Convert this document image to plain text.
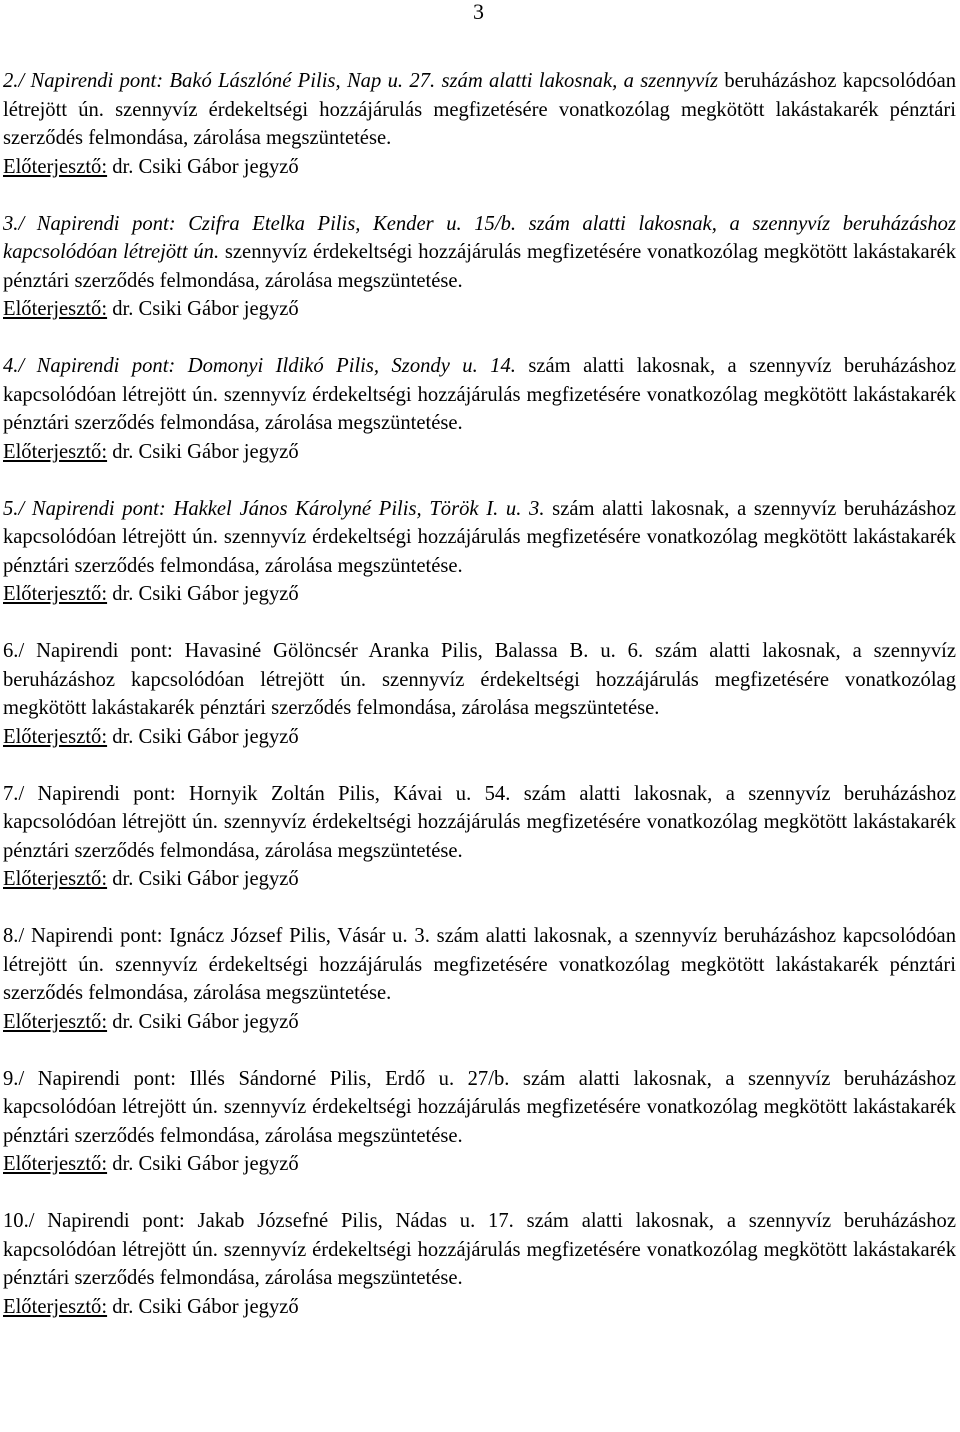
3

2./ Napirendi pont: Bakó Lászlóné Pilis, Nap u. 27. szám alatti lakosnak, a szennyvíz beruházáshoz kapcsolódóan létrejött ún. szennyvíz érdekeltségi hozzájárulás megfizetésére vonatkozólag megkötött lakástakarék pénztári szerződés felmondása, zárolása megszüntetése.

Előterjesztő: dr. Csiki Gábor jegyző

3./ Napirendi pont: Czifra Etelka Pilis, Kender u. 15/b. szám alatti lakosnak, a szennyvíz beruházáshoz kapcsolódóan létrejött ún. szennyvíz érdekeltségi hozzájárulás megfizetésére vonatkozólag megkötött lakástakarék pénztári szerződés felmondása, zárolása megszüntetése.

Előterjesztő: dr. Csiki Gábor jegyző

4./ Napirendi pont: Domonyi Ildikó Pilis, Szondy u. 14. szám alatti lakosnak, a szennyvíz beruházáshoz kapcsolódóan létrejött ún. szennyvíz érdekeltségi hozzájárulás megfizetésére vonatkozólag megkötött lakástakarék pénztári szerződés felmondása, zárolása megszüntetése.

Előterjesztő: dr. Csiki Gábor jegyző

5./ Napirendi pont: Hakkel János Károlyné Pilis, Török I. u. 3. szám alatti lakosnak, a szennyvíz beruházáshoz kapcsolódóan létrejött ún. szennyvíz érdekeltségi hozzájárulás megfizetésére vonatkozólag megkötött lakástakarék pénztári szerződés felmondása, zárolása megszüntetése.

Előterjesztő: dr. Csiki Gábor jegyző

6./ Napirendi pont: Havasiné Gölöncsér Aranka Pilis, Balassa B. u. 6. szám alatti lakosnak, a szennyvíz beruházáshoz kapcsolódóan létrejött ún. szennyvíz érdekeltségi hozzájárulás megfizetésére vonatkozólag megkötött lakástakarék pénztári szerződés felmondása, zárolása megszüntetése.

Előterjesztő: dr. Csiki Gábor jegyző

7./ Napirendi pont: Hornyik Zoltán Pilis, Kávai u. 54. szám alatti lakosnak, a szennyvíz beruházáshoz kapcsolódóan létrejött ún. szennyvíz érdekeltségi hozzájárulás megfizetésére vonatkozólag megkötött lakástakarék pénztári szerződés felmondása, zárolása megszüntetése.

Előterjesztő: dr. Csiki Gábor jegyző

8./ Napirendi pont: Ignácz József Pilis, Vásár u. 3. szám alatti lakosnak, a szennyvíz beruházáshoz kapcsolódóan létrejött ún. szennyvíz érdekeltségi hozzájárulás megfizetésére vonatkozólag megkötött lakástakarék pénztári szerződés felmondása, zárolása megszüntetése.

Előterjesztő: dr. Csiki Gábor jegyző

9./ Napirendi pont: Illés Sándorné Pilis, Erdő u. 27/b. szám alatti lakosnak, a szennyvíz beruházáshoz kapcsolódóan létrejött ún. szennyvíz érdekeltségi hozzájárulás megfizetésére vonatkozólag megkötött lakástakarék pénztári szerződés felmondása, zárolása megszüntetése.

Előterjesztő: dr. Csiki Gábor jegyző

10./ Napirendi pont: Jakab Józsefné Pilis, Nádas u. 17. szám alatti lakosnak, a szennyvíz beruházáshoz kapcsolódóan létrejött ún. szennyvíz érdekeltségi hozzájárulás megfizetésére vonatkozólag megkötött lakástakarék pénztári szerződés felmondása, zárolása megszüntetése.

Előterjesztő: dr. Csiki Gábor jegyző
